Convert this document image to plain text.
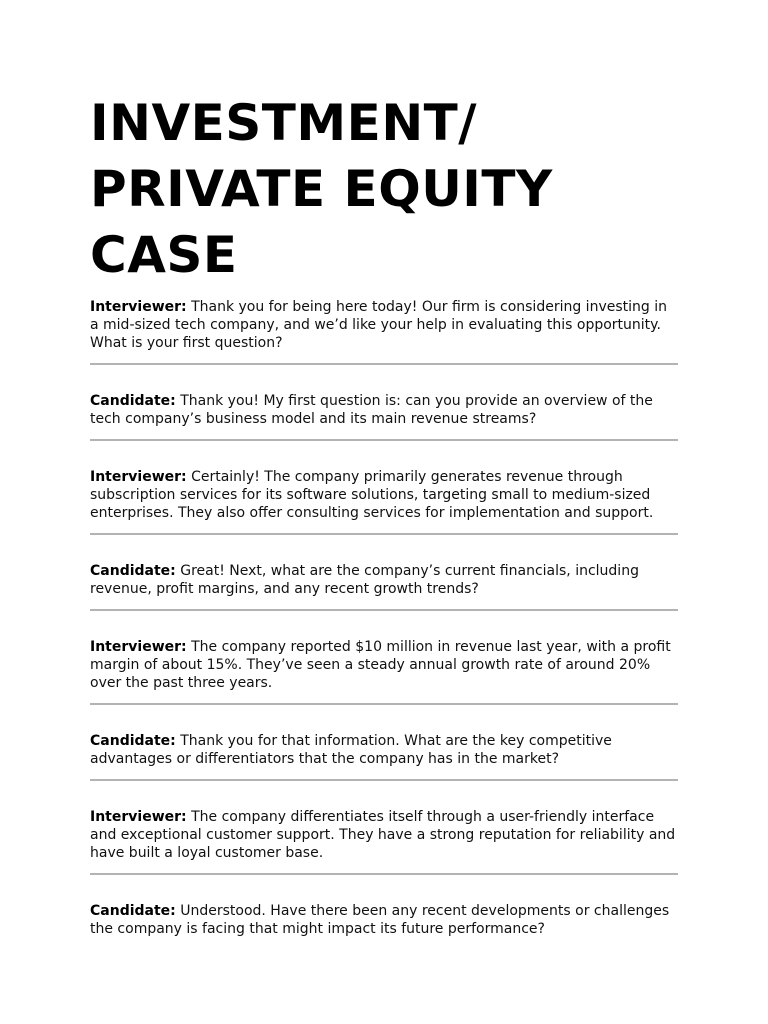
INVESTMENT/
PRIVATE EQUITY
CASE

Interviewer: Thank you for being here today! Our firm is considering investing in a mid-sized tech company, and we’d like your help in evaluating this opportunity. What is your first question?

Candidate: Thank you! My first question is: can you provide an overview of the tech company’s business model and its main revenue streams?

Interviewer: Certainly! The company primarily generates revenue through subscription services for its software solutions, targeting small to medium-sized enterprises. They also offer consulting services for implementation and support.

Candidate: Great! Next, what are the company’s current financials, including revenue, profit margins, and any recent growth trends?

Interviewer: The company reported $10 million in revenue last year, with a profit margin of about 15%. They’ve seen a steady annual growth rate of around 20% over the past three years.

Candidate: Thank you for that information. What are the key competitive advantages or differentiators that the company has in the market?

Interviewer: The company differentiates itself through a user-friendly interface and exceptional customer support. They have a strong reputation for reliability and have built a loyal customer base.

Candidate: Understood. Have there been any recent developments or challenges the company is facing that might impact its future performance?
